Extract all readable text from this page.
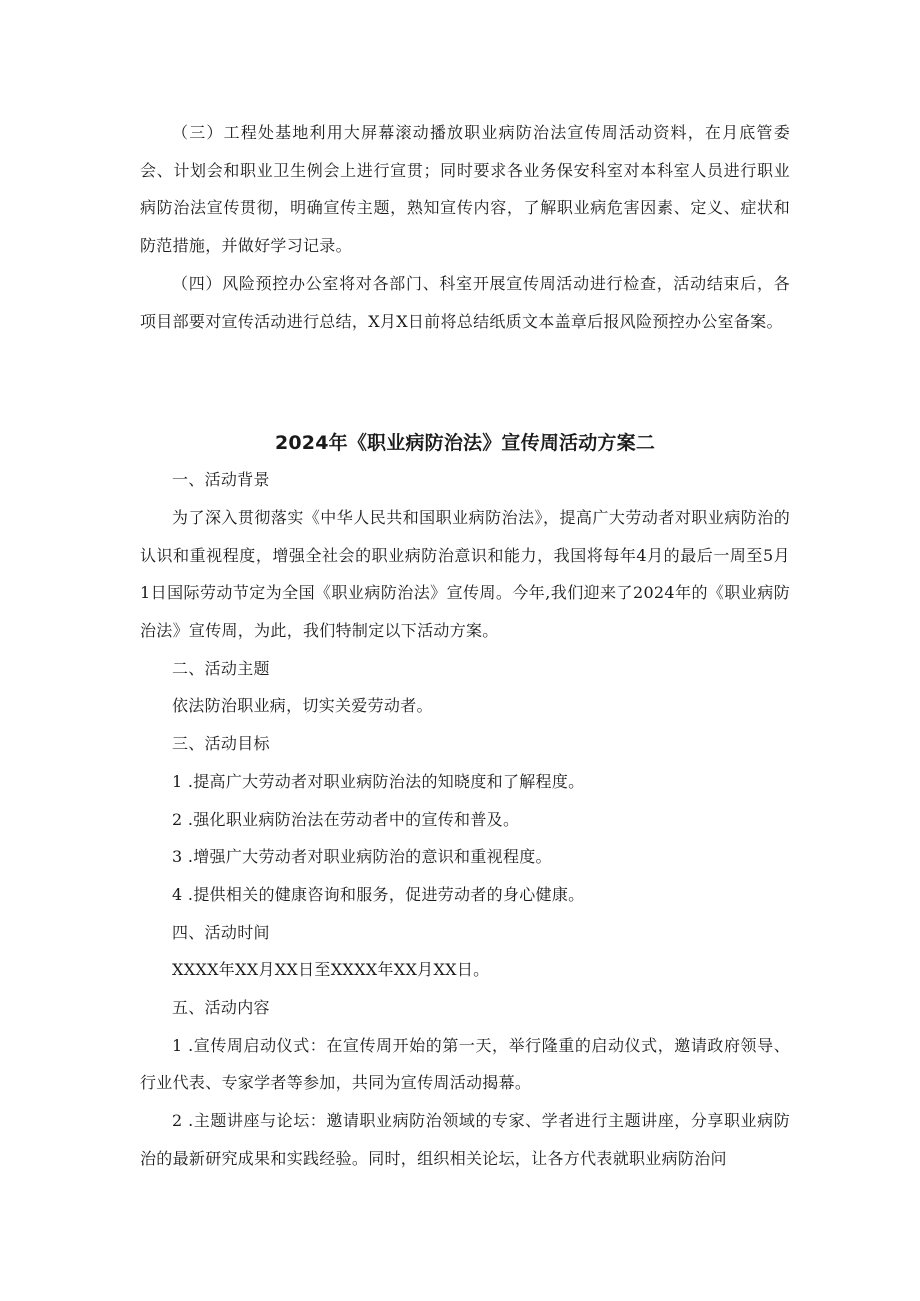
（三）工程处基地利用大屏幕滚动播放职业病防治法宣传周活动资料，在月底管委会、计划会和职业卫生例会上进行宣贯；同时要求各业务保安科室对本科室人员进行职业病防治法宣传贯彻，明确宣传主题，熟知宣传内容，了解职业病危害因素、定义、症状和防范措施，并做好学习记录。

（四）风险预控办公室将对各部门、科室开展宣传周活动进行检查，活动结束后，各项目部要对宣传活动进行总结，X月X日前将总结纸质文本盖章后报风险预控办公室备案。

2024年《职业病防治法》宣传周活动方案二

一、活动背景

为了深入贯彻落实《中华人民共和国职业病防治法》，提高广大劳动者对职业病防治的认识和重视程度，增强全社会的职业病防治意识和能力，我国将每年4月的最后一周至5月1日国际劳动节定为全国《职业病防治法》宣传周。今年,我们迎来了2024年的《职业病防治法》宣传周，为此，我们特制定以下活动方案。

二、活动主题

依法防治职业病，切实关爱劳动者。

三、活动目标

1 .提高广大劳动者对职业病防治法的知晓度和了解程度。

2 .强化职业病防治法在劳动者中的宣传和普及。

3 .增强广大劳动者对职业病防治的意识和重视程度。

4 .提供相关的健康咨询和服务，促进劳动者的身心健康。

四、活动时间

XXXX年XX月XX日至XXXX年XX月XX日。

五、活动内容

1 .宣传周启动仪式：在宣传周开始的第一天，举行隆重的启动仪式，邀请政府领导、行业代表、专家学者等参加，共同为宣传周活动揭幕。

2 .主题讲座与论坛：邀请职业病防治领域的专家、学者进行主题讲座，分享职业病防治的最新研究成果和实践经验。同时，组织相关论坛，让各方代表就职业病防治问
